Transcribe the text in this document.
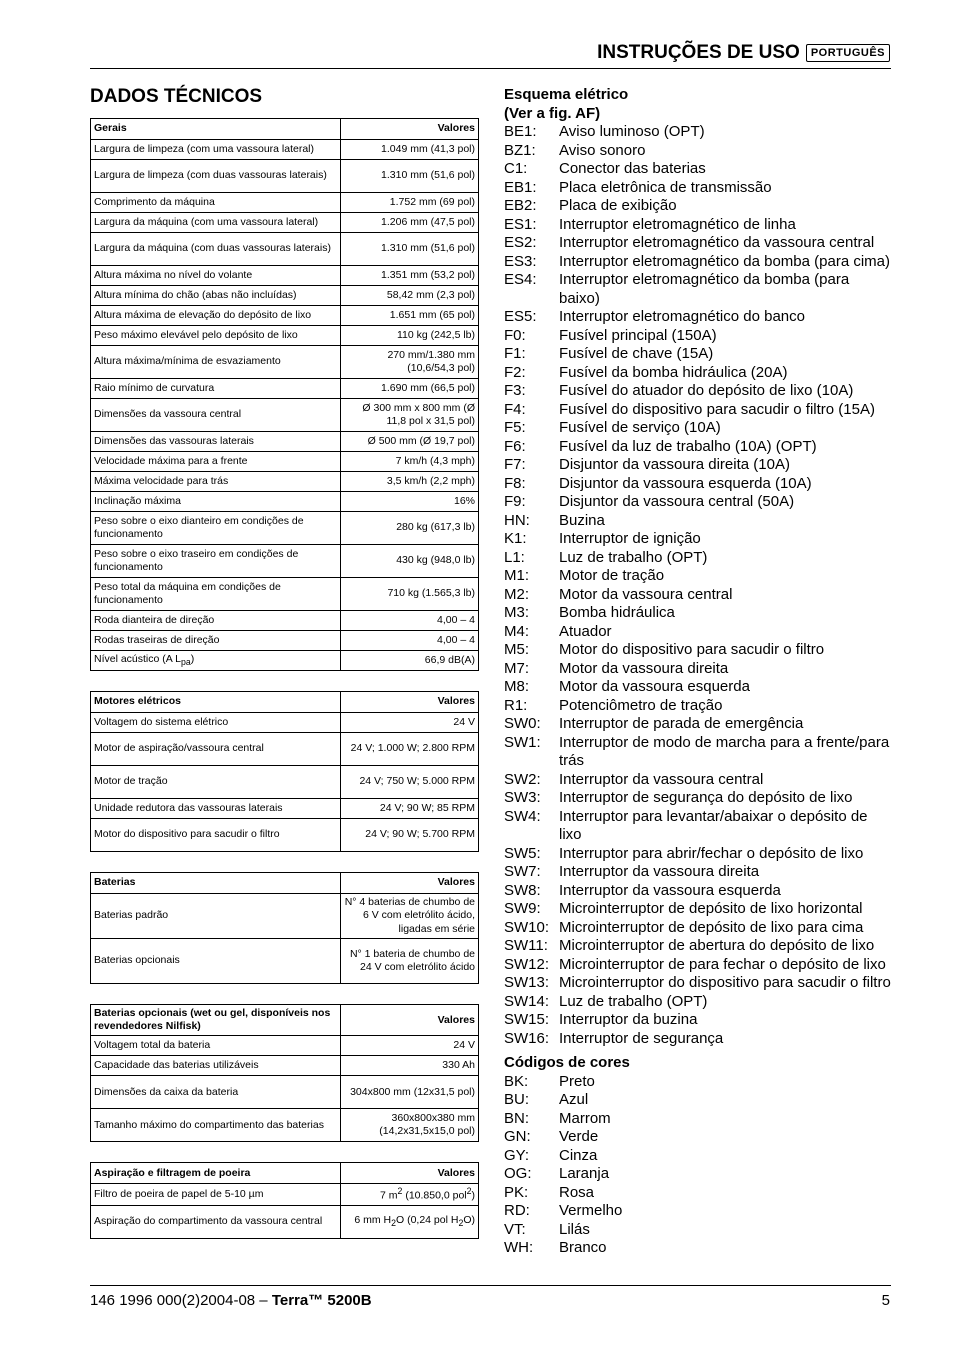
INSTRUÇÕES DE USO	PORTUGUÊS
DADOS TÉCNICOS
Gerais	Valores
Largura de limpeza (com uma vassoura lateral)	1.049 mm (41,3 pol)
Largura de limpeza (com duas vassouras laterais)	1.310 mm (51,6 pol)
Comprimento da máquina	1.752 mm (69 pol)
Largura da máquina (com uma vassoura lateral)	1.206 mm (47,5 pol)
Largura da máquina (com duas vassouras laterais)	1.310 mm (51,6 pol)
Altura máxima no nível do volante	1.351 mm (53,2 pol)
Altura mínima do chão (abas não incluídas)	58,42 mm (2,3 pol)
Altura máxima de elevação do depósito de lixo	1.651 mm (65 pol)
Peso máximo elevável pelo depósito de lixo	110 kg (242,5 lb)
Altura máxima/mínima de esvaziamento	270 mm/1.380 mm (10,6/54,3 pol)
Raio mínimo de curvatura	1.690 mm (66,5 pol)
Dimensões da vassoura central	Ø 300 mm x 800 mm (Ø 11,8 pol x 31,5 pol)
Dimensões das vassouras laterais	Ø 500 mm (Ø 19,7 pol)
Velocidade máxima para a frente	7 km/h (4,3 mph)
Máxima velocidade para trás	3,5 km/h (2,2 mph)
Inclinação máxima	16%
Peso sobre o eixo dianteiro em condições de funcionamento	280 kg (617,3 lb)
Peso sobre o eixo traseiro em condições de funcionamento	430 kg (948,0 lb)
Peso total da máquina em condições de funcionamento	710 kg (1.565,3 lb)
Roda dianteira de direção	4,00 – 4
Rodas traseiras de direção	4,00 – 4
Nível acústico (A $L_{pa}$)	66,9 dB(A)
Motores elétricos	Valores
Voltagem do sistema elétrico	24 V
Motor de aspiração/vassoura central	24 V; 1.000 W; 2.800 RPM
Motor de tração	24 V; 750 W; 5.000 RPM
Unidade redutora das vassouras laterais	24 V; 90 W; 85 RPM
Motor do dispositivo para sacudir o filtro	24 V; 90 W; 5.700 RPM
Baterias	Valores
Baterias padrão	N° 4 baterias de chumbo de 6 V com eletrólito ácido, ligadas em série
Baterias opcionais	N° 1 bateria de chumbo de 24 V com eletrólito ácido
Baterias opcionais (wet ou gel, disponíveis nos revendedores Nilfisk)	Valores
Voltagem total da bateria	24 V
Capacidade das baterias utilizáveis	330 Ah
Dimensões da caixa da bateria	304x800 mm (12x31,5 pol)
Tamanho máximo do compartimento das baterias	360x800x380 mm (14,2x31,5x15,0 pol)
Aspiração e filtragem de poeira	Valores
Filtro de poeira de papel de 5-10 µm	7 $m^2$ (10.850,0 pol$^2$)
Aspiração do compartimento da vassoura central	6 mm $H_2O$ (0,24 pol $H_2O$)
Esquema elétrico
(Ver a fig. AF)
BE1:	Aviso luminoso (OPT)
BZ1:	Aviso sonoro
C1:	Conector das baterias
EB1:	Placa eletrônica de transmissão
EB2:	Placa de exibição
ES1:	Interruptor eletromagnético de linha
ES2:	Interruptor eletromagnético da vassoura central
ES3:	Interruptor eletromagnético da bomba (para cima)
ES4:	Interruptor eletromagnético da bomba (para baixo)
ES5:	Interruptor eletromagnético do banco
F0:	Fusível principal (150A)
F1:	Fusível de chave (15A)
F2:	Fusível da bomba hidráulica (20A)
F3:	Fusível do atuador do depósito de lixo (10A)
F4:	Fusível do dispositivo para sacudir o filtro (15A)
F5:	Fusível de serviço (10A)
F6:	Fusível da luz de trabalho (10A) (OPT)
F7:	Disjuntor da vassoura direita (10A)
F8:	Disjuntor da vassoura esquerda (10A)
F9:	Disjuntor da vassoura central (50A)
HN:	Buzina
K1:	Interruptor de ignição
L1:	Luz de trabalho (OPT)
M1:	Motor de tração
M2:	Motor da vassoura central
M3:	Bomba hidráulica
M4:	Atuador
M5:	Motor do dispositivo para sacudir o filtro
M7:	Motor da vassoura direita
M8:	Motor da vassoura esquerda
R1:	Potenciômetro de tração
SW0:	Interruptor de parada de emergência
SW1:	Interruptor de modo de marcha para a frente/para trás
SW2:	Interruptor da vassoura central
SW3:	Interruptor de segurança do depósito de lixo
SW4:	Interruptor para levantar/abaixar o depósito de lixo
SW5:	Interruptor para abrir/fechar o depósito de lixo
SW7:	Interruptor da vassoura direita
SW8:	Interruptor da vassoura esquerda
SW9:	Microinterruptor de depósito de lixo horizontal
SW10: Microinterruptor de depósito de lixo para cima
SW11: Microinterruptor de abertura do depósito de lixo
SW12: Microinterruptor de para fechar o depósito de lixo
SW13: Microinterruptor do dispositivo para sacudir o filtro
SW14: Luz de trabalho (OPT)
SW15: Interruptor da buzina
SW16: Interruptor de segurança
Códigos de cores
BK:	Preto
BU:	Azul
BN:	Marrom
GN:	Verde
GY:	Cinza
OG:	Laranja
PK:	Rosa
RD:	Vermelho
VT:	Lilás
WH:	Branco
146 1996 000(2)2004-08 – Terra™ 5200B	5
